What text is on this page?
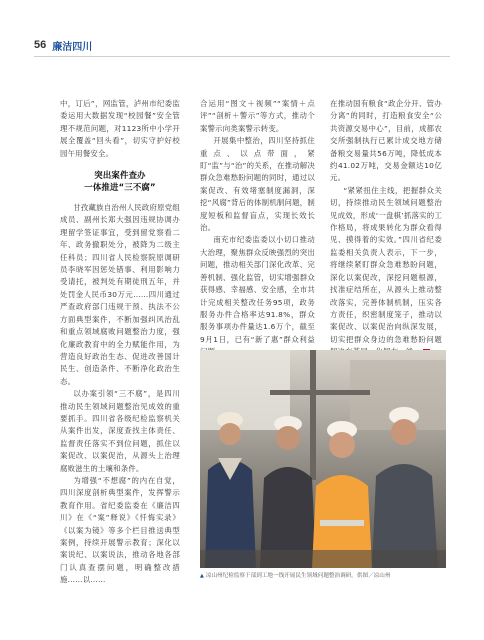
56 廉洁四川

中，订后”，网监管，泸州市纪委监委运用大数据发现“校园餐”安全管理不规范问题，对1123所中小学开展全覆盖“回头看”，切实守护好校园午用餐安全。

突出案件查办
一体推进“三不腐”

甘孜藏族自治州人民政府原党组成员、副州长郑大强因违规协调办理留学签证事宜，受到留党察看二年、政务撤职处分，被降为二级主任科员；四川省人民检察院原调研员李晓军因惩处错事、利用影响力受请托，被判处有期徒刑五年，并处罚金人民币30万元……四川通过严查政府部门违规干预、执法不公方面典型案件，不断加强纠风治乱和重点领域腐败问题整治力度，强化廉政教育中的全力赋能作用，为营造良好政治生态、促进改善国计民生、创造条件、不断净化政治生态。

以办案引领“三不腐”，是四川推动民生领域问题整治见成效的重要抓手。四川省各级纪检监察机关从案件出发，深度查找主体责任、监督责任落实不到位问题，抓住以案促改、以案促治，从源头上治理腐败滋生的土壤和条件。

为增强“不想腐”的内在自觉，四川深度剖析典型案件，发挥警示教育作用。省纪委监委在《廉洁四川》在《“案”释说》《忏悔实录》《以案为镜》等多个栏目推送典型案例，持续开展警示教育；深化以案说纪、以案说法，推动各地各部门认真查摆问题，明确整改措施……以……

合运用“图文＋视频”“案情＋点评”“剖析＋警示”等方式，推动个案警示向类案警示转变。

开展集中整治，四川坚持抓住重点、以点带面，紧盯“监”与“治”的关系，在推动解决群众急难愁盼问题的同时，通过以案促改、有效堵塞制度漏洞，深挖“风腐”背后的体制机制问题，制度短板和监督盲点，实现长效长治。

南充市纪委监委以小切口推动大治理，聚焦群众反映强烈的突出问题，推动相关部门深化改革、完善机制、强化监管，切实增强群众获得感、幸福感、安全感，全市共计完成相关整改任务95项，政务服务办件合格率达91.8%，群众服务事项办件量达1.6万个，截至9月1日，已有“新了惠”群众利益

在推动国有粮食“政企分开、管办分离”的同时，打造粮食安全“公共资源交易中心”，目前，成都农交所强制执行已累计成交地方储备粮交易量共56万吨，降低成本约41.02万吨，交易金额达10亿元。

“紧紧扭住主线，把握群众关切，持续推动民生领域问题整治见成效，形成‘一盘棋’抓落实的工作格局，将成果转化为群众看得见、摸得着的实效。”四川省纪委监委相关负责人表示，下一步，将继续紧盯群众急难愁盼问题，深化以案促改，深挖问题根源，找准症结所在，从源头上推动整改落实，完善体制机制，压实各方责任，织密制度笼子，推动以案促改、以案促治向纵深发展，切实把群众身边的急难愁盼问题

▲ 凉山州纪检监察干部到工地一线开展民生领域问题整治调研。供图／凉山州
